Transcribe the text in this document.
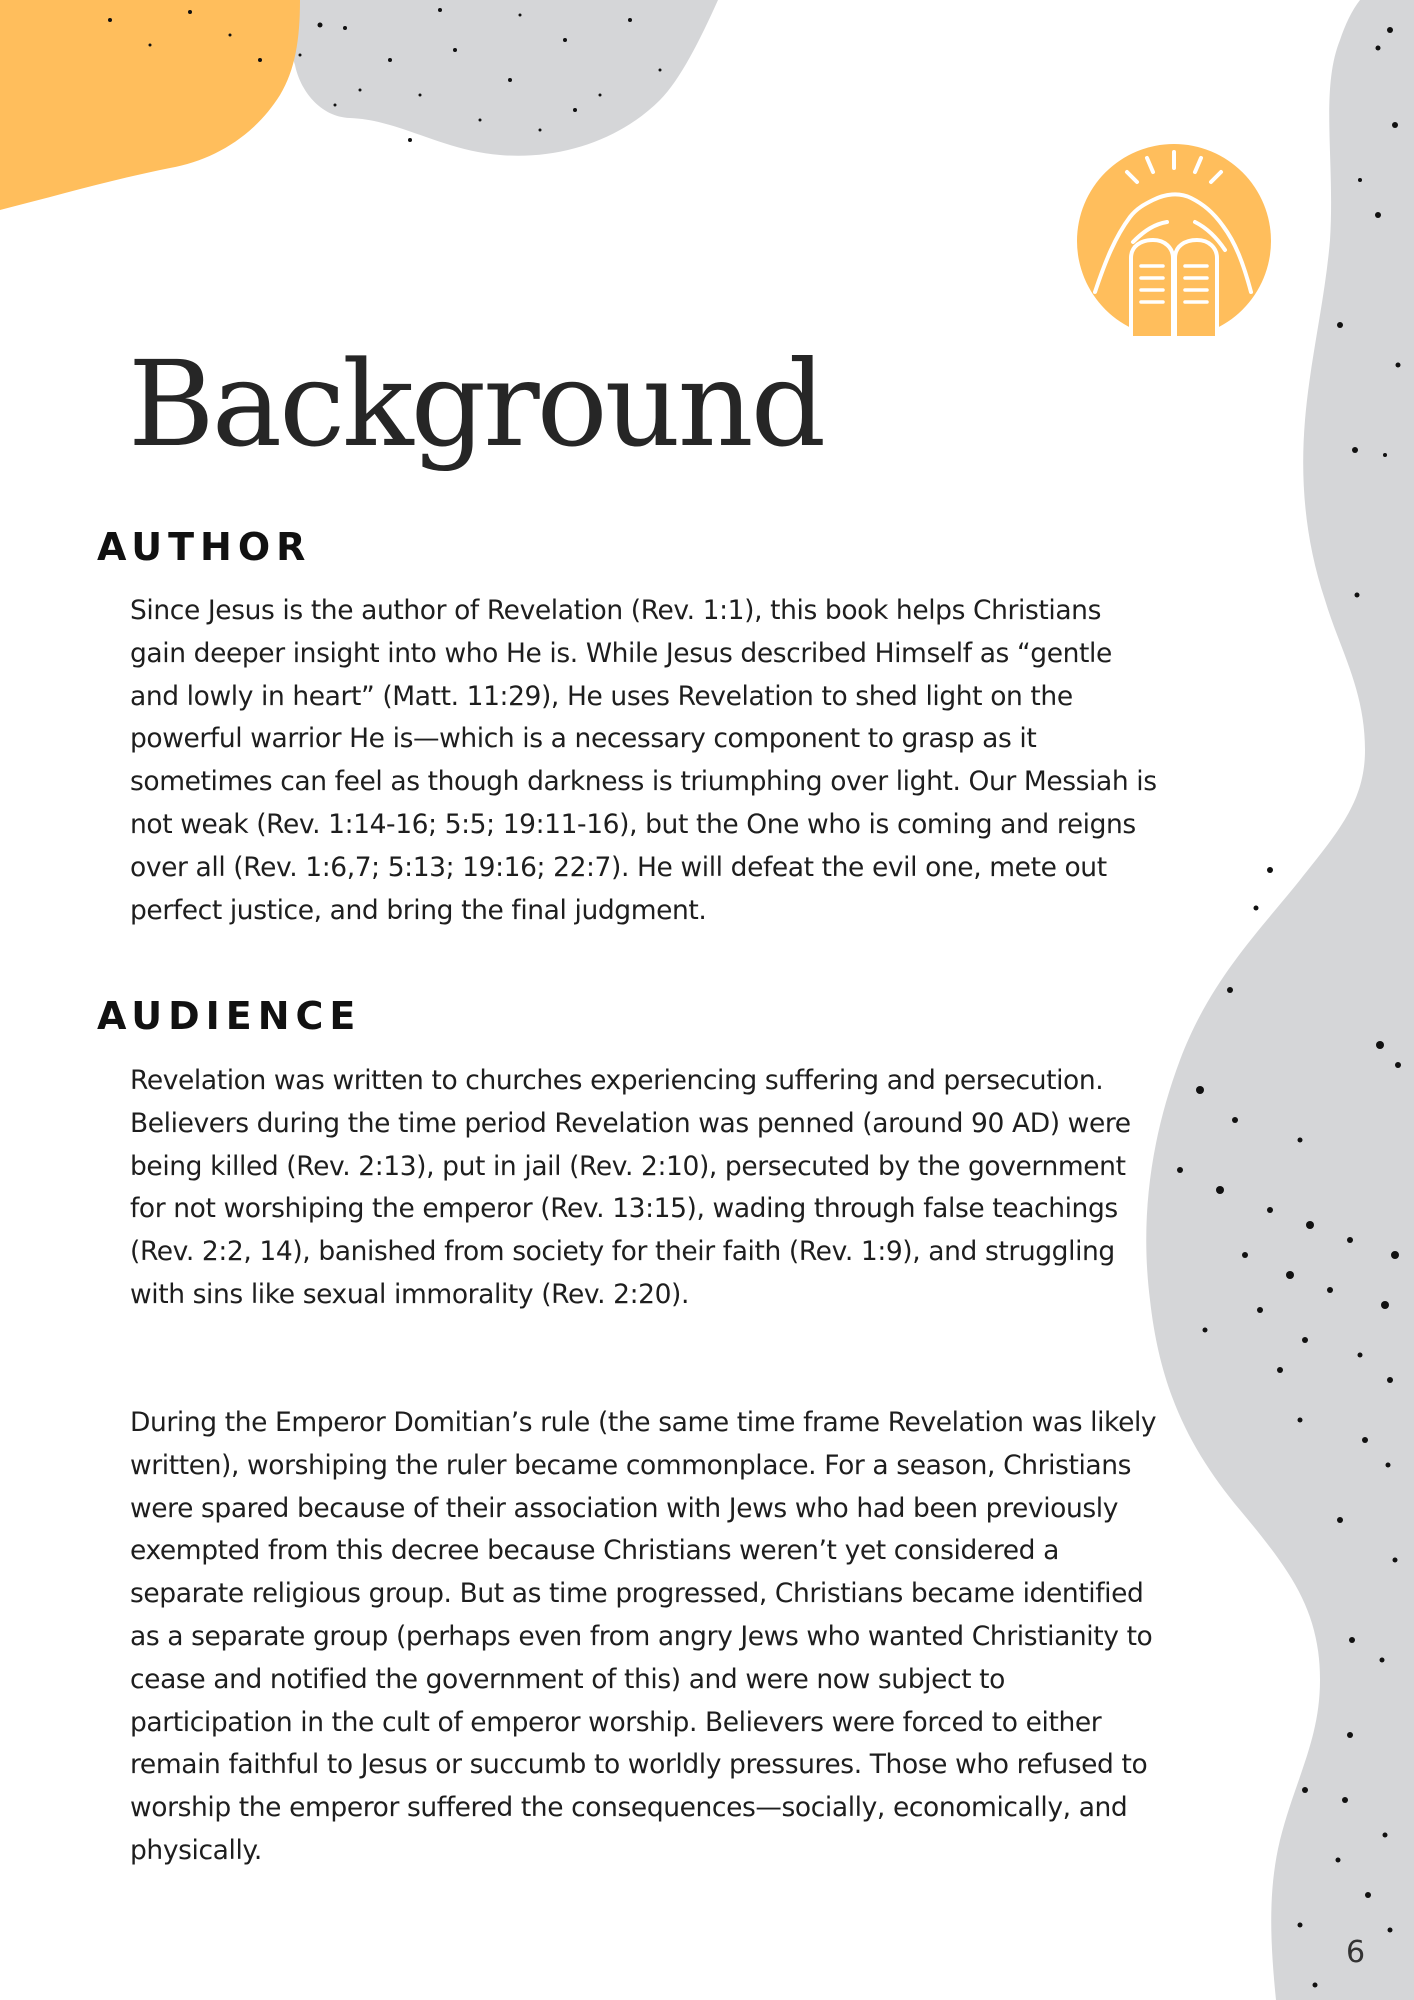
Background
AUTHOR

Since Jesus is the author of Revelation (Rev. 1:1), this book helps Christians gain deeper insight into who He is. While Jesus described Himself as “gentle and lowly in heart” (Matt. 11:29), He uses Revelation to shed light on the powerful warrior He is—which is a necessary component to grasp as it sometimes can feel as though darkness is triumphing over light. Our Messiah is not weak (Rev. 1:14-16; 5:5; 19:11-16), but the One who is coming and reigns over all (Rev. 1:6,7; 5:13; 19:16; 22:7). He will defeat the evil one, mete out perfect justice, and bring the final judgment.

AUDIENCE

Revelation was written to churches experiencing suffering and persecution. Believers during the time period Revelation was penned (around 90 AD) were being killed (Rev. 2:13), put in jail (Rev. 2:10), persecuted by the government for not worshiping the emperor (Rev. 13:15), wading through false teachings (Rev. 2:2, 14), banished from society for their faith (Rev. 1:9), and struggling with sins like sexual immorality (Rev. 2:20).

During the Emperor Domitian’s rule (the same time frame Revelation was likely written), worshiping the ruler became commonplace. For a season, Christians were spared because of their association with Jews who had been previously exempted from this decree because Christians weren’t yet considered a separate religious group. But as time progressed, Christians became identified as a separate group (perhaps even from angry Jews who wanted Christianity to cease and notified the government of this) and were now subject to participation in the cult of emperor worship. Believers were forced to either remain faithful to Jesus or succumb to worldly pressures. Those who refused to worship the emperor suffered the consequences—socially, economically, and physically.

6
